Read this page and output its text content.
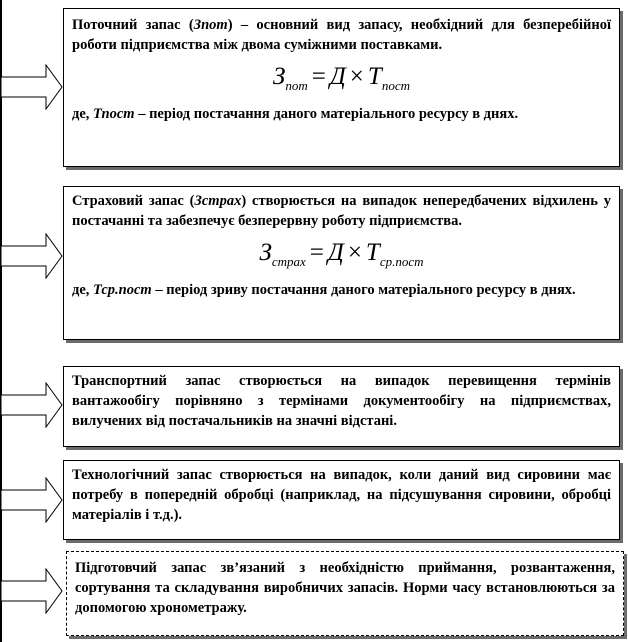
Поточний запас (Зпот) – основний вид запасу, необхідний для безперебійної роботи підприємства між двома суміжними поставками.

$З_{пот} = Д \times Т_{пост}$

де, Тпост – період постачання даного матеріального ресурсу в днях.

Страховий запас (Зстрах) створюється на випадок непередбачених відхилень у постачанні та забезпечує безперервну роботу підприємства.

$З_{страх} = Д \times Т_{ср.пост}$

де, Тср.пост – період зриву постачання даного матеріального ресурсу в днях.

Транспортний запас створюється на випадок перевищення термінів вантажообігу порівняно з термінами документообігу на підприємствах, вилучених від постачальників на значні відстані.

Технологічний запас створюється на випадок, коли даний вид сировини має потребу в попередній обробці (наприклад, на підсушування сировини, обробці матеріалів і т.д.).

Підготовчий запас зв’язаний з необхідністю приймання, розвантаження, сортування та складування виробничих запасів. Норми часу встановлюються за допомогою хронометражу.
